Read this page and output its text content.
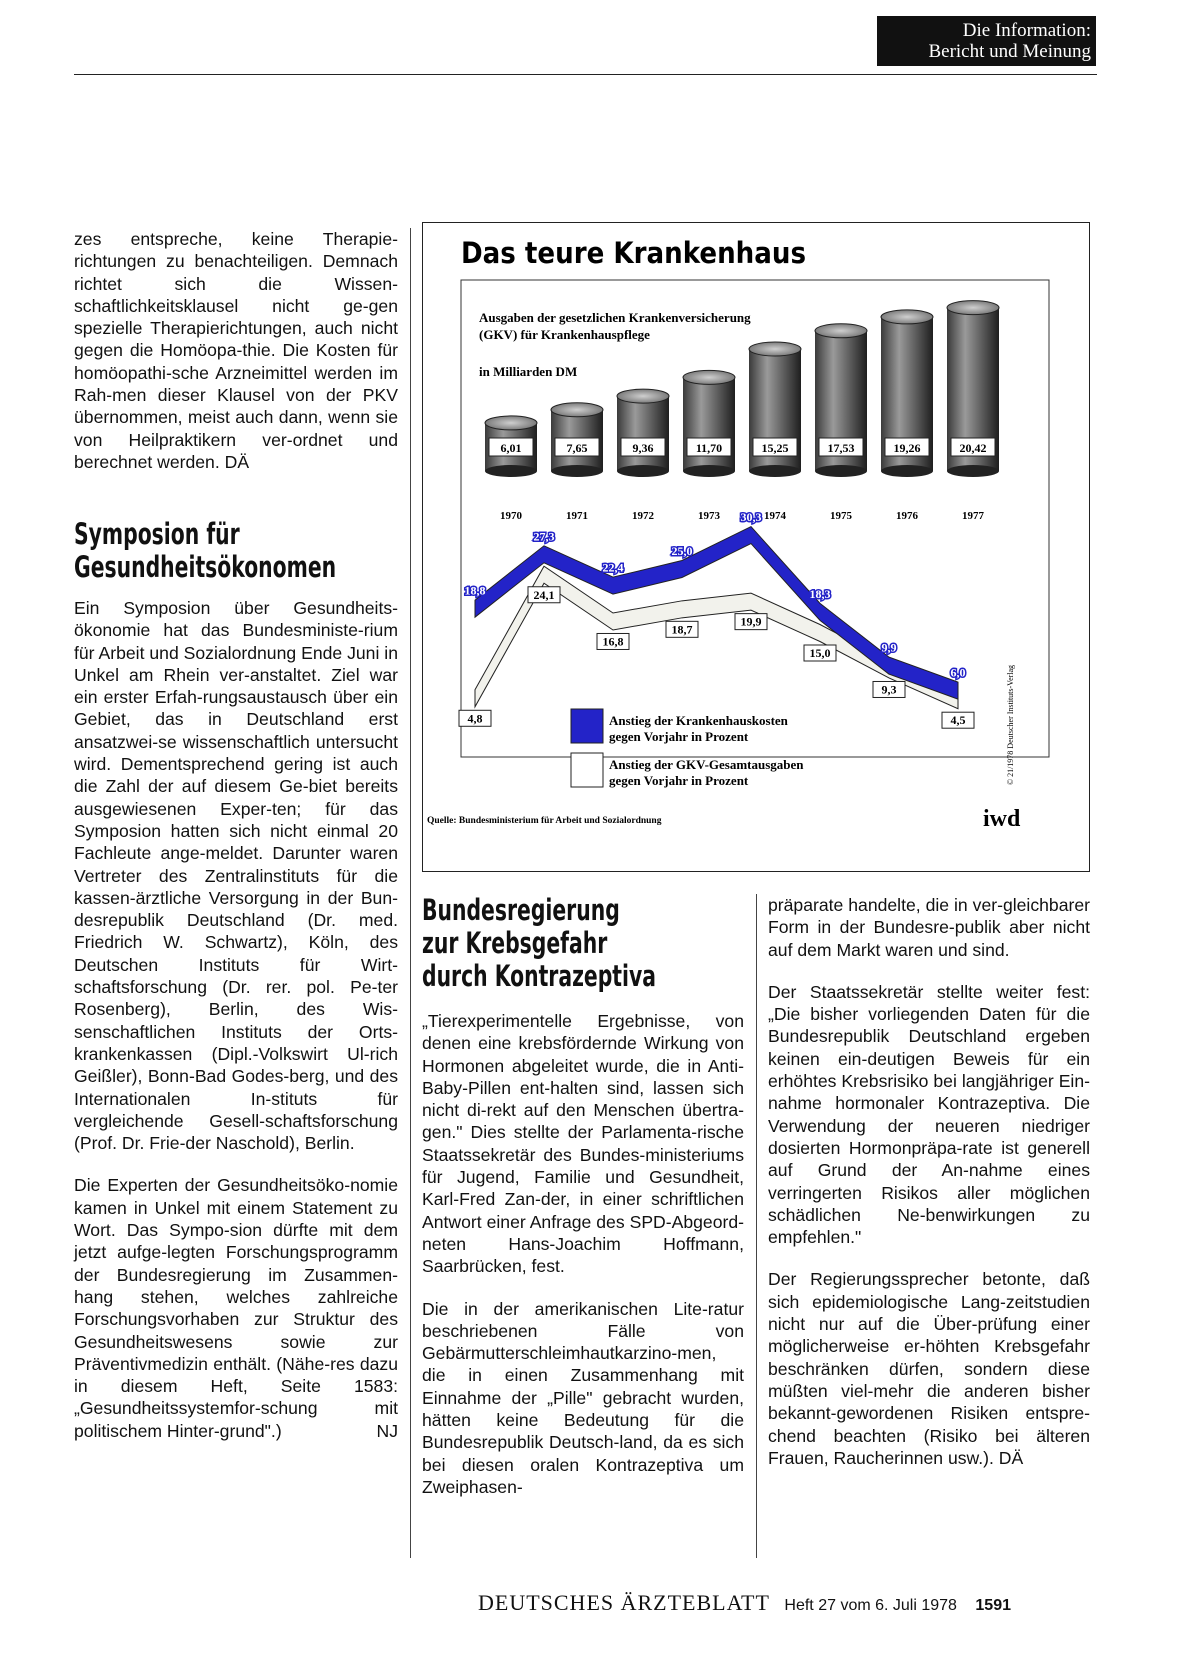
Die Information:
Bericht und Meinung

zes entspreche, keine Therapie-richtungen zu benachteiligen. Demnach richtet sich die Wissen-schaftlichkeitsklausel nicht ge-gen spezielle Therapierichtungen, auch nicht gegen die Homöopa-thie. Die Kosten für homöopathi-sche Arzneimittel werden im Rah-men dieser Klausel von der PKV übernommen, meist auch dann, wenn sie von Heilpraktikern ver-ordnet und berechnet werden. DÄ

Symposion für
Gesundheitsökonomen

Ein Symposion über Gesundheits-ökonomie hat das Bundesministe-rium für Arbeit und Sozialordnung Ende Juni in Unkel am Rhein ver-anstaltet. Ziel war ein erster Erfah-rungsaustausch über ein Gebiet, das in Deutschland erst ansatzwei-se wissenschaftlich untersucht wird. Dementsprechend gering ist auch die Zahl der auf diesem Ge-biet bereits ausgewiesenen Exper-ten; für das Symposion hatten sich nicht einmal 20 Fachleute ange-meldet. Darunter waren Vertreter des Zentralinstituts für die kassen-ärztliche Versorgung in der Bun-desrepublik Deutschland (Dr. med. Friedrich W. Schwartz), Köln, des Deutschen Instituts für Wirt-schaftsforschung (Dr. rer. pol. Pe-ter Rosenberg), Berlin, des Wis-senschaftlichen Instituts der Orts-krankenkassen (Dipl.-Volkswirt Ul-rich Geißler), Bonn-Bad Godes-berg, und des Internationalen In-stituts für vergleichende Gesell-schaftsforschung (Prof. Dr. Frie-der Naschold), Berlin.

Die Experten der Gesundheitsöko-nomie kamen in Unkel mit einem Statement zu Wort. Das Sympo-sion dürfte mit dem jetzt aufge-legten Forschungsprogramm der Bundesregierung im Zusammen-hang stehen, welches zahlreiche Forschungsvorhaben zur Struktur des Gesundheitswesens sowie zur Präventivmedizin enthält. (Nähe-res dazu in diesem Heft, Seite 1583: „Gesundheitssystemfor-schung mit politischem Hinter-grund".)	NJ
Das teure Krankenhaus
Ausgaben der gesetzlichen Krankenversicherung
(GKV) für Krankenhauspflege
in Milliarden DM
6,01
1970
7,65
1971
9,36
1972
11,70
1973
15,25
1974
17,53
1975
19,26
1976
20,42
1977
18,8
27,3
22,4
25,0
30,3
18,3
9,9
6,0
4,8
24,1
16,8
18,7
19,9
15,0
9,3
4,5
Anstieg der Krankenhauskosten
gegen Vorjahr in Prozent
Anstieg der GKV-Gesamtausgaben
gegen Vorjahr in Prozent
Quelle: Bundesministerium für Arbeit und Sozialordnung	iwd
© 21/1978 Deutscher Instituts-Verlag
Bundesregierung
zur Krebsgefahr
durch Kontrazeptiva

„Tierexperimentelle Ergebnisse, von denen eine krebsfördernde Wirkung von Hormonen abgeleitet wurde, die in Anti-Baby-Pillen ent-halten sind, lassen sich nicht di-rekt auf den Menschen übertra-gen." Dies stellte der Parlamenta-rische Staatssekretär des Bundes-ministeriums für Jugend, Familie und Gesundheit, Karl-Fred Zan-der, in einer schriftlichen Antwort einer Anfrage des SPD-Abgeord-neten Hans-Joachim Hoffmann, Saarbrücken, fest.

Die in der amerikanischen Lite-ratur beschriebenen Fälle von Gebärmutterschleimhautkarzino-men, die in einen Zusammenhang mit Einnahme der „Pille" gebracht wurden, hätten keine Bedeutung für die Bundesrepublik Deutsch-land, da es sich bei diesen oralen Kontrazeptiva um Zweiphasen-

präparate handelte, die in ver-gleichbarer Form in der Bundesre-publik aber nicht auf dem Markt waren und sind.

Der Staatssekretär stellte weiter fest: „Die bisher vorliegenden Daten für die Bundesrepublik Deutschland ergeben keinen ein-deutigen Beweis für ein erhöhtes Krebsrisiko bei langjähriger Ein-nahme hormonaler Kontrazeptiva. Die Verwendung der neueren niedriger dosierten Hormonpräpa-rate ist generell auf Grund der An-nahme eines verringerten Risikos aller möglichen schädlichen Ne-benwirkungen zu empfehlen."

Der Regierungssprecher betonte, daß sich epidemiologische Lang-zeitstudien nicht nur auf die Über-prüfung einer möglicherweise er-höhten Krebsgefahr beschränken dürfen, sondern diese müßten viel-mehr die anderen bisher bekannt-gewordenen Risiken entspre-chend beachten (Risiko bei älteren Frauen, Raucherinnen usw.). DÄ

DEUTSCHES ÄRZTEBLATT Heft 27 vom 6. Juli 1978 1591
